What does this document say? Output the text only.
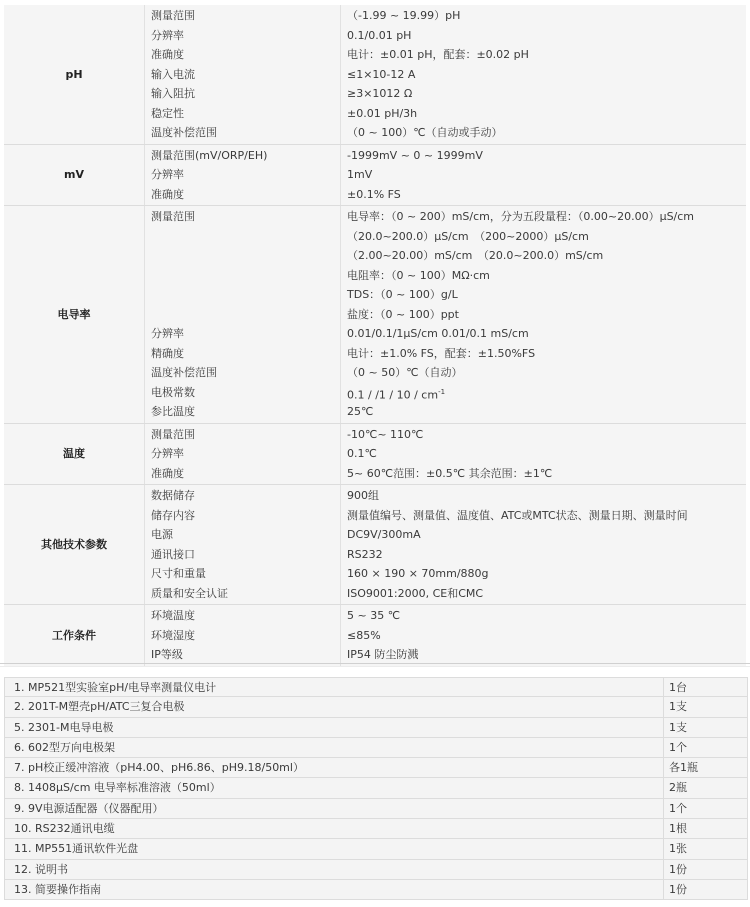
pH
测量范围	（-1.99 ~ 19.99）pH
分辨率	0.1/0.01 pH
准确度	电计：±0.01 pH，配套：±0.02 pH
输入电流	≤1×10-12 A
输入阻抗	≥3×1012 Ω
稳定性	±0.01 pH/3h
温度补偿范围	（0 ~ 100）℃（自动或手动）
mV
测量范围(mV/ORP/EH)	-1999mV ~ 0 ~ 1999mV
分辨率	1mV
准确度	±0.1% FS
电导率
测量范围	电导率：（0 ~ 200）mS/cm，分为五段量程：（0.00~20.00）μS/cm
（20.0~200.0）μS/cm　（200~2000）μS/cm
（2.00~20.00）mS/cm　（20.0~200.0）mS/cm
电阻率：（0 ~ 100）MΩ·cm
TDS：（0 ~ 100）g/L
盐度：（0 ~ 100）ppt
分辨率	0.01/0.1/1μS/cm 0.01/0.1 mS/cm
精确度	电计：±1.0% FS，配套：±1.50%FS
温度补偿范围	（0 ~ 50）℃（自动）
电极常数	$0.1 / /1 / 10 / cm^{-1}$
参比温度	25℃
温度
测量范围	-10℃~ 110℃
分辨率	0.1℃
准确度	5~ 60℃范围：±0.5℃ 其余范围：±1℃
其他技术参数
数据储存	900组
储存内容	测量值编号、测量值、温度值、ATC或MTC状态、测量日期、测量时间
电源	DC9V/300mA
通讯接口	RS232
尺寸和重量	160 × 190 × 70mm/880g
质量和安全认证	ISO9001:2000, CE和CMC
工作条件
环境温度	5 ~ 35 ℃
环境湿度	≤85%
IP等级	IP54 防尘防溅
1. MP521型实验室pH/电导率测量仪电计	1台
2. 201T-M塑壳pH/ATC三复合电极	1支
5. 2301-M电导电极	1支
6. 602型万向电极架	1个
7. pH校正缓冲溶液（pH4.00、pH6.86、pH9.18/50ml）	各1瓶
8. 1408μS/cm 电导率标准溶液（50ml）	2瓶
9. 9V电源适配器（仪器配用）	1个
10. RS232通讯电缆	1根
11. MP551通讯软件光盘	1张
12. 说明书	1份
13. 简要操作指南	1份
